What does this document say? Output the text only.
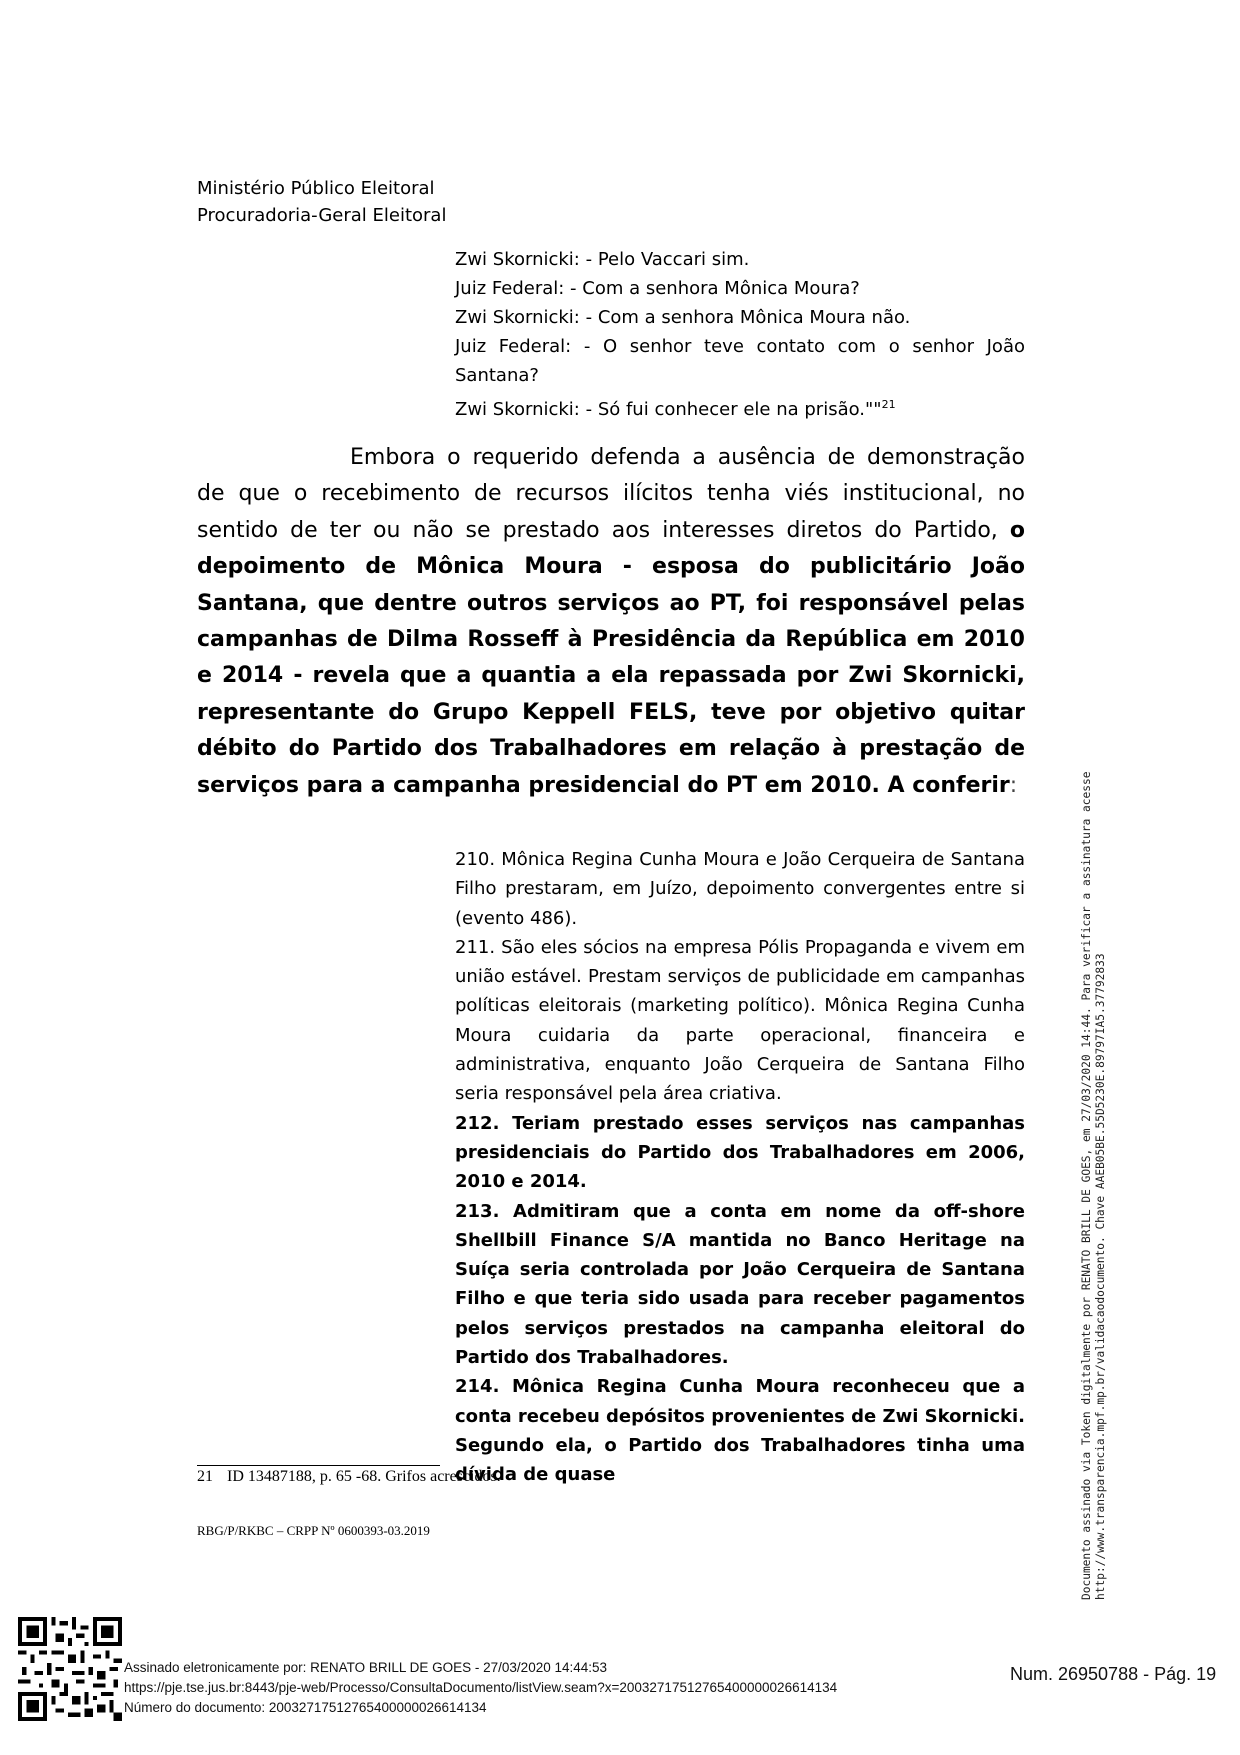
Ministério Público Eleitoral
Procuradoria-Geral Eleitoral

Zwi Skornicki: - Pelo Vaccari sim.

Juiz Federal: - Com a senhora Mônica Moura?

Zwi Skornicki: - Com a senhora Mônica Moura não.

Juiz Federal: - O senhor teve contato com o senhor João Santana?

Zwi Skornicki: - Só fui conhecer ele na prisão.""$^{21}$

Embora o requerido defenda a ausência de demonstração de que o recebimento de recursos ilícitos tenha viés institucional, no sentido de ter ou não se prestado aos interesses diretos do Partido, o depoimento de Mônica Moura - esposa do publicitário João Santana, que dentre outros serviços ao PT, foi responsável pelas campanhas de Dilma Rosseff à Presidência da República em 2010 e 2014 - revela que a quantia a ela repassada por Zwi Skornicki, representante do Grupo Keppell FELS, teve por objetivo quitar débito do Partido dos Trabalhadores em relação à prestação de serviços para a campanha presidencial do PT em 2010. A conferir:

210. Mônica Regina Cunha Moura e João Cerqueira de Santana Filho prestaram, em Juízo, depoimento convergentes entre si (evento 486).

211. São eles sócios na empresa Pólis Propaganda e vivem em união estável. Prestam serviços de publicidade em campanhas políticas eleitorais (marketing político). Mônica Regina Cunha Moura cuidaria da parte operacional, financeira e administrativa, enquanto João Cerqueira de Santana Filho seria responsável pela área criativa.

212. Teriam prestado esses serviços nas campanhas presidenciais do Partido dos Trabalhadores em 2006, 2010 e 2014.

213. Admitiram que a conta em nome da off-shore Shellbill Finance S/A mantida no Banco Heritage na Suíça seria controlada por João Cerqueira de Santana Filho e que teria sido usada para receber pagamentos pelos serviços prestados na campanha eleitoral do Partido dos Trabalhadores.

214. Mônica Regina Cunha Moura reconheceu que a conta recebeu depósitos provenientes de Zwi Skornicki. Segundo ela, o Partido dos Trabalhadores tinha uma dívida de quase

21 ID 13487188, p. 65 -68. Grifos acrescidos.
RBG/P/RKBC – CRPP Nº 0600393-03.2019	Documento assinado via Token digitalmente por RENATO BRILL DE GOES, em 27/03/2020 14:44. Para verificar a assinatura acesse http://www.transparencia.mpf.mp.br/validacaodocumento. Chave AAEB05BE.55D5230E.89797IA5.37792833
Assinado eletronicamente por: RENATO BRILL DE GOES - 27/03/2020 14:44:53
https://pje.tse.jus.br:8443/pje-web/Processo/ConsultaDocumento/listView.seam?x=20032717512765400000026614134
Número do documento: 20032717512765400000026614134
Num. 26950788 - Pág. 19
